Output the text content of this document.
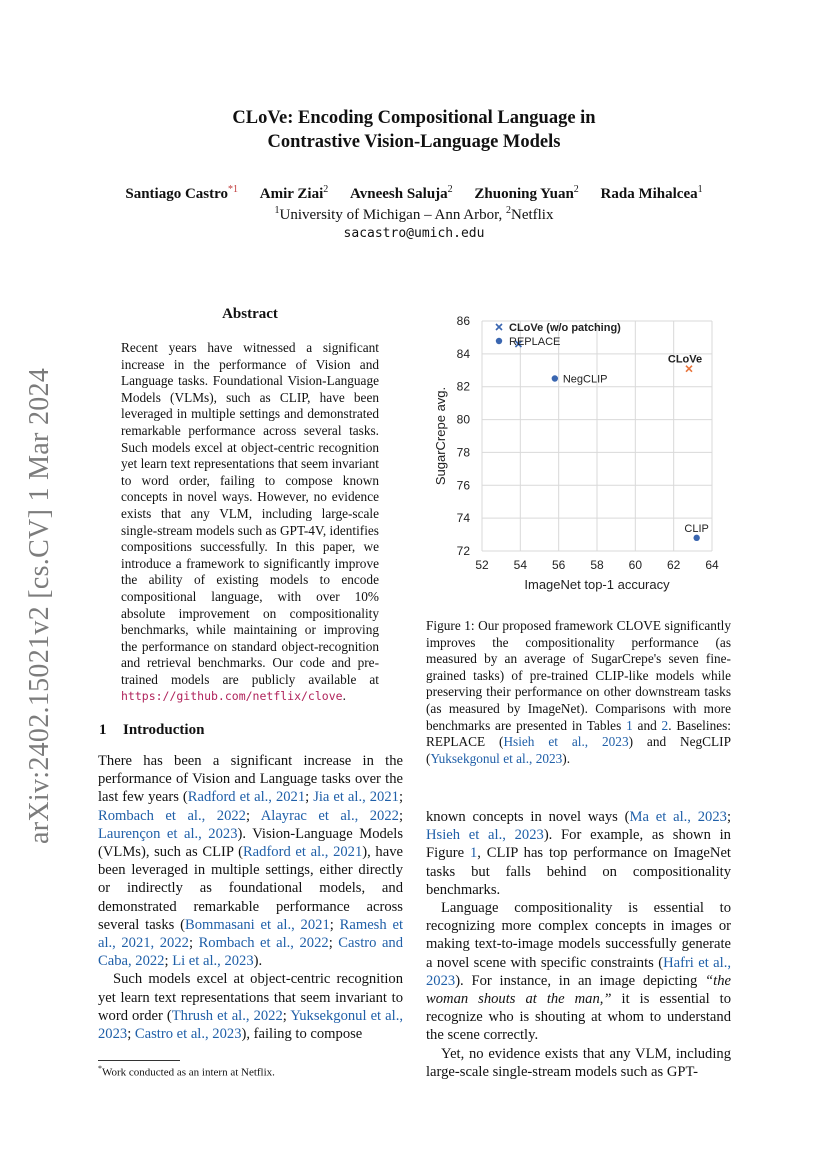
arXiv:2402.15021v2 [cs.CV] 1 Mar 2024
CLoVe: Encoding Compositional Language in
Contrastive Vision-Language Models
Santiago Castro$^{*1}$ Amir Ziai$^2$ Avneesh Saluja$^2$ Zhuoning Yuan$^2$ Rada Mihalcea$^1$
$^1$University of Michigan – Ann Arbor, $^2$Netflix
sacastro@umich.edu
Abstract

Recent years have witnessed a significant increase in the performance of Vision and Language tasks. Foundational Vision-Language Models (VLMs), such as CLIP, have been leveraged in multiple settings and demonstrated remarkable performance across several tasks. Such models excel at object-centric recognition yet learn text representations that seem invariant to word order, failing to compose known concepts in novel ways. However, no evidence exists that any VLM, including large-scale single-stream models such as GPT-4V, identifies compositions successfully. In this paper, we introduce a framework to significantly improve the ability of existing models to encode compositional language, with over 10% absolute improvement on compositionality benchmarks, while maintaining or improving the performance on standard object-recognition and retrieval benchmarks. Our code and pre-trained models are publicly available at https://github.com/netflix/clove.

1 Introduction

There has been a significant increase in the performance of Vision and Language tasks over the last few years (Radford et al., 2021; Jia et al., 2021; Rombach et al., 2022; Alayrac et al., 2022; Laurençon et al., 2023). Vision-Language Models (VLMs), such as CLIP (Radford et al., 2021), have been leveraged in multiple settings, either directly or indirectly as foundational models, and demonstrated remarkable performance across several tasks (Bommasani et al., 2021; Ramesh et al., 2021, 2022; Rombach et al., 2022; Castro and Caba, 2022; Li et al., 2023).

Such models excel at object-centric recognition yet learn text representations that seem invariant to word order (Thrush et al., 2022; Yuksekgonul et al., 2023; Castro et al., 2023), failing to compose

*Work conducted as an intern at Netflix.
52 54 56 58 60 62 64
72
74
76
78
80
82
84
86
ImageNet top-1 accuracy
SugarCrepe avg.
NegCLIP
CLoVe
CLIP
CLoVe (w/o patching)
REPLACE

Figure 1: Our proposed framework CLOVE significantly improves the compositionality performance (as measured by an average of SugarCrepe's seven fine-grained tasks) of pre-trained CLIP-like models while preserving their performance on other downstream tasks (as measured by ImageNet). Comparisons with more benchmarks are presented in Tables 1 and 2. Baselines: REPLACE (Hsieh et al., 2023) and NegCLIP (Yuksekgonul et al., 2023).

known concepts in novel ways (Ma et al., 2023; Hsieh et al., 2023). For example, as shown in Figure 1, CLIP has top performance on ImageNet tasks but falls behind on compositionality benchmarks.

Language compositionality is essential to recognizing more complex concepts in images or making text-to-image models successfully generate a novel scene with specific constraints (Hafri et al., 2023). For instance, in an image depicting “the woman shouts at the man,” it is essential to recognize who is shouting at whom to understand the scene correctly.

Yet, no evidence exists that any VLM, including large-scale single-stream models such as GPT-
